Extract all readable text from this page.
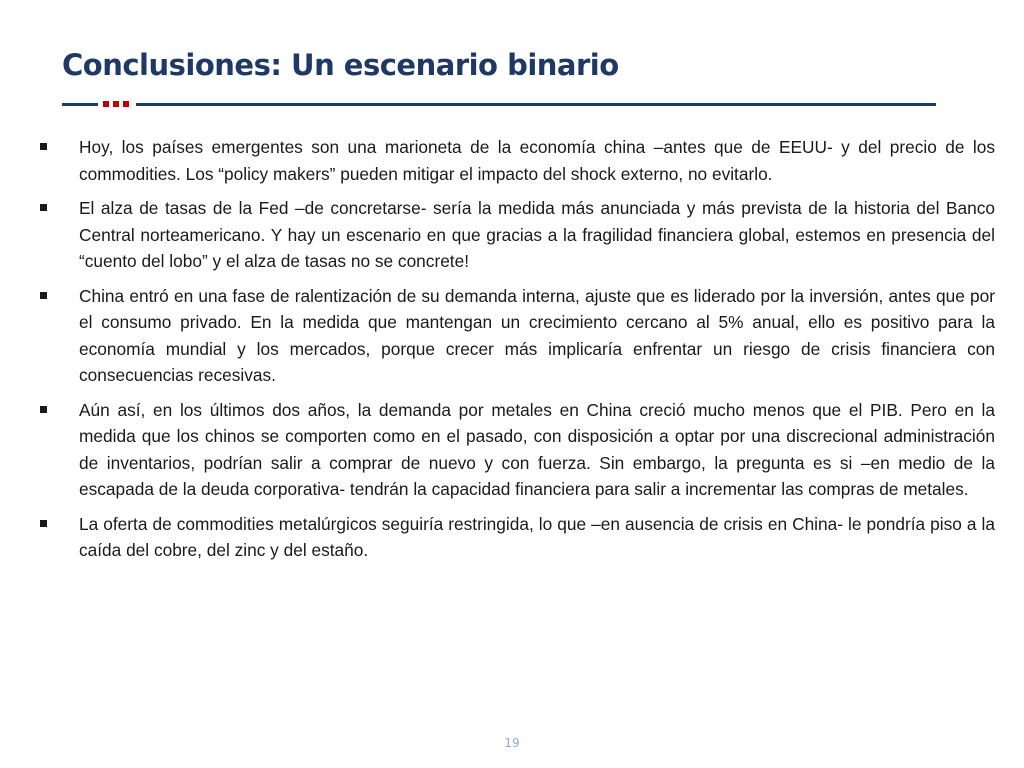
Conclusiones: Un escenario binario
Hoy, los países emergentes son una marioneta de la economía china –antes que de EEUU- y del precio de los commodities. Los “policy makers” pueden mitigar el impacto del shock externo, no evitarlo.
El alza de tasas de la Fed –de concretarse- sería la medida más anunciada y más prevista de la historia del Banco Central norteamericano. Y hay un escenario en que gracias a la fragilidad financiera global, estemos en presencia del “cuento del lobo” y el alza de tasas no se concrete!
China entró en una fase de ralentización de su demanda interna, ajuste que es liderado por la inversión, antes que por el consumo privado. En la medida que mantengan un crecimiento cercano al 5% anual, ello es positivo para la economía mundial y los mercados, porque crecer más implicaría enfrentar un riesgo de crisis financiera con consecuencias recesivas.
Aún así, en los últimos dos años, la demanda por metales en China creció mucho menos que el PIB. Pero en la medida que los chinos se comporten como en el pasado, con disposición a optar por una discrecional administración de inventarios, podrían salir a comprar de nuevo y con fuerza. Sin embargo, la pregunta es si –en medio de la escapada de la deuda corporativa- tendrán la capacidad financiera para salir a incrementar las compras de metales.
La oferta de commodities metalúrgicos seguiría restringida, lo que –en ausencia de crisis en China- le pondría piso a la caída del cobre, del zinc y del estaño.
19
